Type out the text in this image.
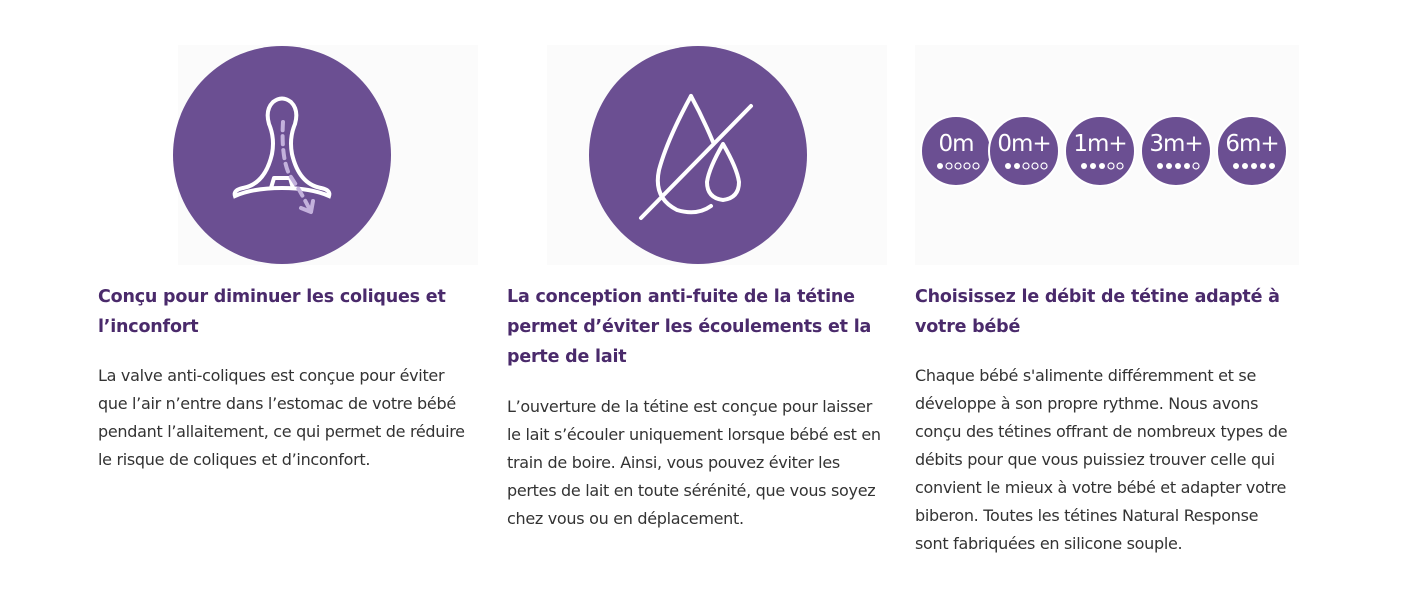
Conçu pour diminuer les coliques et l’inconfort

La valve anti-coliques est conçue pour éviter que l’air n’entre dans l’estomac de votre bébé pendant l’allaitement, ce qui permet de réduire le risque de coliques et d’inconfort.

La conception anti-fuite de la tétine permet d’éviter les écoulements et la perte de lait

L’ouverture de la tétine est conçue pour laisser le lait s’écouler uniquement lorsque bébé est en train de boire. Ainsi, vous pouvez éviter les pertes de lait en toute sérénité, que vous soyez chez vous ou en déplacement.

0m	0m+ 1m+ 3m+ 6m+
Choisissez le débit de tétine adapté à votre bébé

Chaque bébé s'alimente différemment et se développe à son propre rythme. Nous avons conçu des tétines offrant de nombreux types de débits pour que vous puissiez trouver celle qui convient le mieux à votre bébé et adapter votre biberon. Toutes les tétines Natural Response sont fabriquées en silicone souple.
